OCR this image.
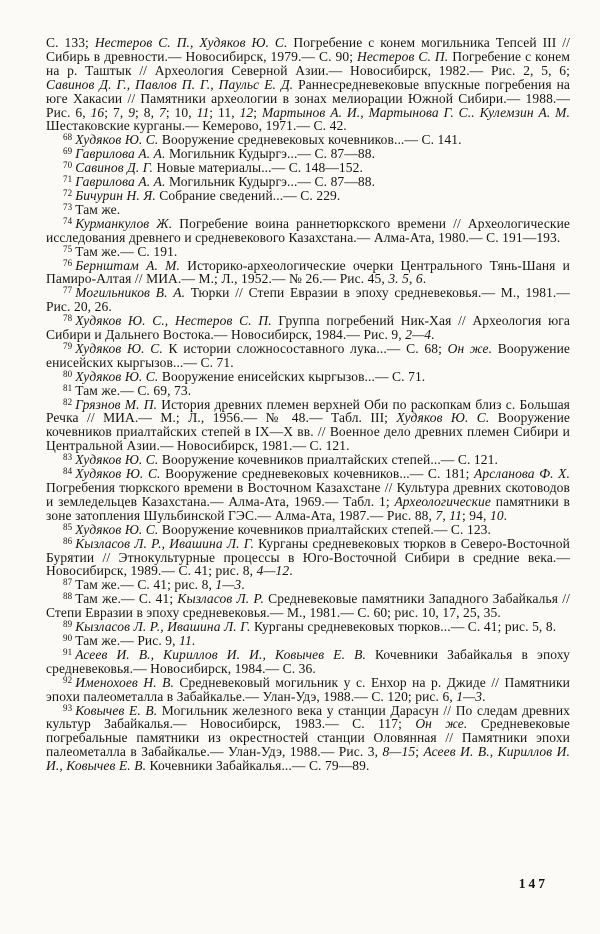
С. 133; Нестеров С. П., Худяков Ю. С. Погребение с конем могильника Тепсей III // Сибирь в древности.— Новосибирск, 1979.— С. 90; Нестеров С. П. Погребение с конем на р. Таштык // Археология Северной Азии.— Новосибирск, 1982.— Рис. 2, 5, 6; Савинов Д. Г., Павлов П. Г., Паульс Е. Д. Раннесредневековые впускные погребения на юге Хакасии // Памятники археологии в зонах мелиорации Южной Сибири.— 1988.— Рис. 6, 16; 7, 9; 8, 7; 10, 11; 11, 12; Мартынов А. И., Мартынова Г. С.. Кулемзин А. М. Шестаковские курганы.— Кемерово, 1971.— С. 42.

$^{68}$ Худяков Ю. С. Вооружение средневековых кочевников...— С. 141.

$^{69}$ Гаврилова А. А. Могильник Кудыргэ...— С. 87—88.

$^{70}$ Савинов Д. Г. Новые материалы...— С. 148—152.

$^{71}$ Гаврилова А. А. Могильник Кудыргэ...— С. 87—88.

$^{72}$ Бичурин Н. Я. Собрание сведений...— С. 229.

$^{73}$ Там же.

$^{74}$ Курманкулов Ж. Погребение воина раннетюркского времени // Археологические исследования древнего и средневекового Казахстана.— Алма-Ата, 1980.— С. 191—193.

$^{75}$ Там же.— С. 191.

$^{76}$ Бернштам А. М. Историко-археологические очерки Центрального Тянь-Шаня и Памиро-Алтая // МИА.— М.; Л., 1952.— № 26.— Рис. 45, 3. 5, 6.

$^{77}$ Могильников В. А. Тюрки // Степи Евразии в эпоху средневековья.— М., 1981.— Рис. 20, 26.

$^{78}$ Худяков Ю. С., Нестеров С. П. Группа погребений Ник-Хая // Археология юга Сибири и Дальнего Востока.— Новосибирск, 1984.— Рис. 9, 2—4.

$^{79}$ Худяков Ю. С. К истории сложносоставного лука...— С. 68; Он же. Вооружение енисейских кыргызов...— С. 71.

$^{80}$ Худяков Ю. С. Вооружение енисейских кыргызов...— С. 71.

$^{81}$ Там же.— С. 69, 73.

$^{82}$ Грязнов М. П. История древних племен верхней Оби по раскопкам близ с. Большая Речка // МИА.— М.; Л., 1956.— № 48.— Табл. III; Худяков Ю. С. Вооружение кочевников приалтайских степей в IX—X вв. // Военное дело древних племен Сибири и Центральной Азии.— Новосибирск, 1981.— С. 121.

$^{83}$ Худяков Ю. С. Вооружение кочевников приалтайских степей...— С. 121.

$^{84}$ Худяков Ю. С. Вооружение средневековых кочевников...— С. 181; Арсланова Ф. Х. Погребения тюркского времени в Восточном Казахстане // Культура древних скотоводов и земледельцев Казахстана.— Алма-Ата, 1969.— Табл. 1; Археологические памятники в зоне затопления Шульбинской ГЭС.— Алма-Ата, 1987.— Рис. 88, 7, 11; 94, 10.

$^{85}$ Худяков Ю. С. Вооружение кочевников приалтайских степей.— С. 123.

$^{86}$ Кызласов Л. Р., Ивашина Л. Г. Курганы средневековых тюрков в Северо-Восточной Бурятии // Этнокультурные процессы в Юго-Восточной Сибири в средние века.— Новосибирск, 1989.— С. 41; рис. 8, 4—12.

$^{87}$ Там же.— С. 41; рис. 8, 1—3.

$^{88}$ Там же.— С. 41; Кызласов Л. Р. Средневековые памятники Западного Забайкалья // Степи Евразии в эпоху средневековья.— М., 1981.— С. 60; рис. 10, 17, 25, 35.

$^{89}$ Кызласов Л. Р., Ивашина Л. Г. Курганы средневековых тюрков...— С. 41; рис. 5, 8.

$^{90}$ Там же.— Рис. 9, 11.

$^{91}$ Асеев И. В., Кириллов И. И., Ковычев Е. В. Кочевники Забайкалья в эпоху средневековья.— Новосибирск, 1984.— С. 36.

$^{92}$ Именохоев Н. В. Средневековый могильник у с. Енхор на р. Джиде // Памятники эпохи палеометалла в Забайкалье.— Улан-Удэ, 1988.— С. 120; рис. 6, 1—3.

$^{93}$ Ковычев Е. В. Могильник железного века у станции Дарасун // По следам древних культур Забайкалья.— Новосибирск, 1983.— С. 117; Он же. Средневековые погребальные памятники из окрестностей станции Оловянная // Памятники эпохи палеометалла в Забайкалье.— Улан-Удэ, 1988.— Рис. 3, 8—15; Асеев И. В., Кириллов И. И., Ковычев Е. В. Кочевники Забайкалья...— С. 79—89.

147
